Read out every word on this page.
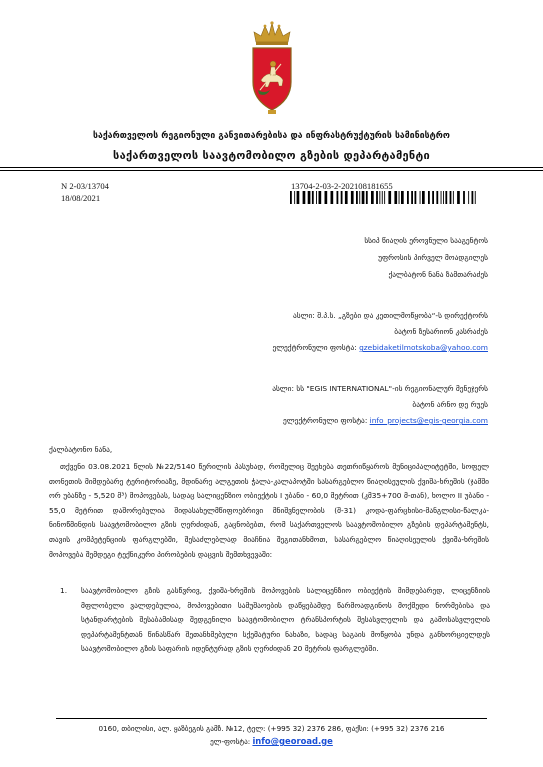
საქართველოს რეგიონული განვითარებისა და ინფრასტრუქტურის სამინისტრო
საქართველოს საავტომობილო გზების დეპარტამენტი
N 2-03/13704
18/08/2021
13704-2-03-2-202108181655
სსიპ წიაღის ეროვნული სააგენტოს
უფროსის პირველ მოადგილეს
ქალბატონ ნანა ზამთარაძეს
ასლი: შ.პ.ს. „გზები და კეთილმოწყობა“-ს დირექტორს
ბატონ ზესარიონ კასრაძეს
ელექტრონული ფოსტა: gzebidaketilmotskoba@yahoo.com
ასლი: სს "EGIS INTERNATIONAL"-ის რეგიონალურ მენეჯერს
ბატონ არნო დე რუეს
ელექტრონული ფოსტა: info_projects@egis-georgia.com
ქალბატონო ნანა,
თქვენი 03.08.2021 წლის №22/5140 წერილის პასუხად, რომელიც შეეხება თეთრიწყაროს მუნიციპალიტეტში, სოფელ თონეთის მიმდებარე ტერიტორიაზე, მდინარე ალგეთის ჭალა-კალაპოტში სასარგებლო წიაღისეულის ქვიშა-ხრეშის (ჯამში ორ უბანზე - 5,520 მ³) მოპოვებას, სადაც სალიცენზიო ობიექტის I უბანი - 60,0 მეტრით (კმ35+700 მ-თან), ხოლო II უბანი - 55,0 მეტრით დაშორებულია შიდასახელმწიფოებრივი მნიშვნელობის (შ-31) კოდა-ფარცხისი-მანგლისი-წალკა-ნინოწმინდის საავტომობილო გზის ღერძიდან, გაცნობებთ, რომ საქართველოს საავტომობილო გზების დეპარტამენტს, თავის კომპეტენციის ფარგლებში, შესაძლებლად მიაჩნია შეგითანხმოთ, სასარგებლო წიაღისეულის ქვიშა-ხრეშის მოპოვება შემდეგი ტექნიკური პირობების დაცვის შემთხვევაში:
1. საავტომობილო გზის გასწვრივ, ქვიშა-ხრეშის მოპოვების სალიცენზიო ობიექტის მიმდებარედ, ლიცენზიის მფლობელი ვალდებულია, მოპოვებითი სამუშაოების დაწყებამდე წარმოადგინოს მოქმედი ნორმებისა და სტანდარტების შესაბამისად შედგენილი საავტომობილო ტრანსპორტის შესასვლელის და გამოსასვლელის დეპარტამენტთან წინასწარ შეთანხმებული სქემატური ნახაზი, სადაც საგაის მოწყობა უნდა განხორციელდეს საავტომობილო გზის საფარის იდენტურად გზის ღერძიდან 20 მეტრის ფარგლებში.
0160, თბილისი, ალ. ყაზბეგის გამზ. №12, ტელ: (+995 32) 2376 286, ფაქსი: (+995 32) 2376 216
ელ-ფოსტა: info@georoad.ge
